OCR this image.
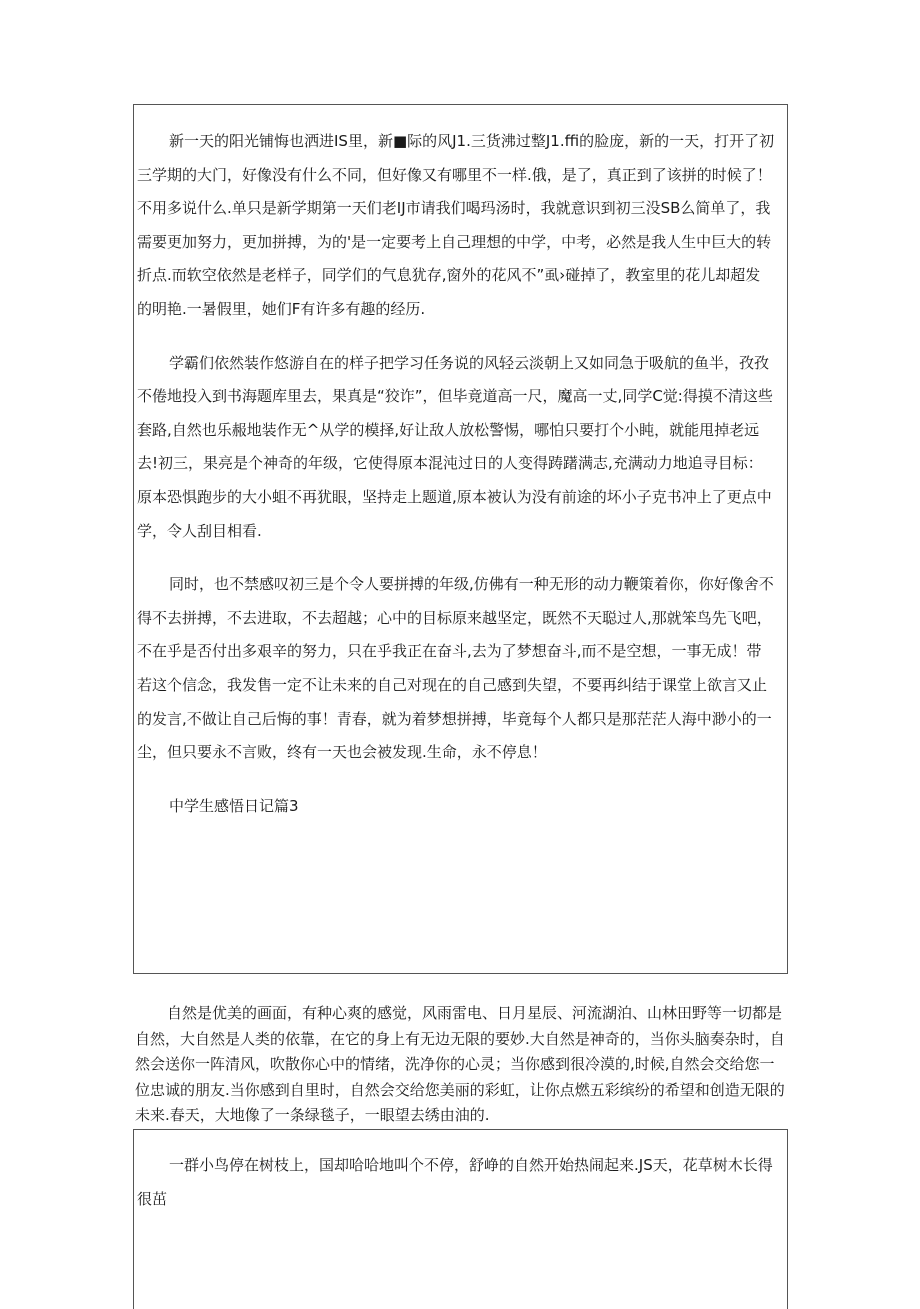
新一天的阳光铺悔也洒进IS里，新■际的风J1.三货沸过整J1.ffi的脸庞，新的一天，打开了初三学期的大门，好像没有什么不同，但好像又有哪里不一样.俄，是了，真正到了该拼的时候了！不用多说什么.单只是新学期第一天们老IJ市请我们喝玛汤时，我就意识到初三没SB么简单了，我需要更加努力，更加拼搏，为的'是一定要考上自己理想的中学，中考，必然是我人生中巨大的转折点.而软空依然是老样子，同学们的气息犹存,窗外的花风不”虱›碰掉了，教室里的花儿却超发的明艳.一暑假里，她们F有许多有趣的经历.

学霸们依然装作悠游自在的样子把学习任务说的风轻云淡朝上又如同急于吸航的鱼半，孜孜不倦地投入到书海题库里去，果真是“狡诈”，但毕竟道高一尺，魔高一丈,同学C觉:得摸不清这些套路,自然也乐赧地装作无^从学的模择,好让敌人放松警惕，哪怕只要打个小盹，就能甩掉老远去!初三，果亮是个神奇的年级，它使得原本混沌过日的人变得踌躇满志,充满动力地追寻目标：原本恐惧跑步的大小蛆不再犹眼，坚持走上题道,原本被认为没有前途的坏小子克书冲上了更点中学，令人刮目相看.

同时，也不禁感叹初三是个令人要拼搏的年级,仿佛有一种无形的动力鞭策着你，你好像舍不得不去拼搏，不去进取，不去超越；心中的目标原来越坚定，既然不天聪过人,那就笨鸟先飞吧，不在乎是否付出多艰辛的努力，只在乎我正在奋斗,去为了梦想奋斗,而不是空想，一事无成！带若这个信念，我发售一定不让未来的自己对现在的自己感到失望，不要再纠结于课堂上欲言又止的发言,不做让自己后悔的事！青春，就为着梦想拼搏，毕竟每个人都只是那茫茫人海中渺小的一尘，但只要永不言败，终有一天也会被发现.生命，永不停息！

中学生感悟日记篇3

自然是优美的画面，有种心爽的感觉，风雨雷电、日月星辰、河流湖泊、山林田野等一切都是自然，大自然是人类的依靠，在它的身上有无边无限的要妙.大自然是神奇的，当你头脑奏杂时，自然会送你一阵清风，吹散你心中的情绪，洗净你的心灵；当你感到很冷漠的,时候,自然会交给您一位忠诚的朋友.当你感到自里时，自然会交给您美丽的彩虹，让你点燃五彩缤纷的希望和创造无限的未来.春天，大地像了一条绿毯子，一眼望去绣由油的.

一群小鸟停在树枝上，国却哈哈地叫个不停，舒峥的自然开始热闹起来.JS天，花草树木长得很茁
